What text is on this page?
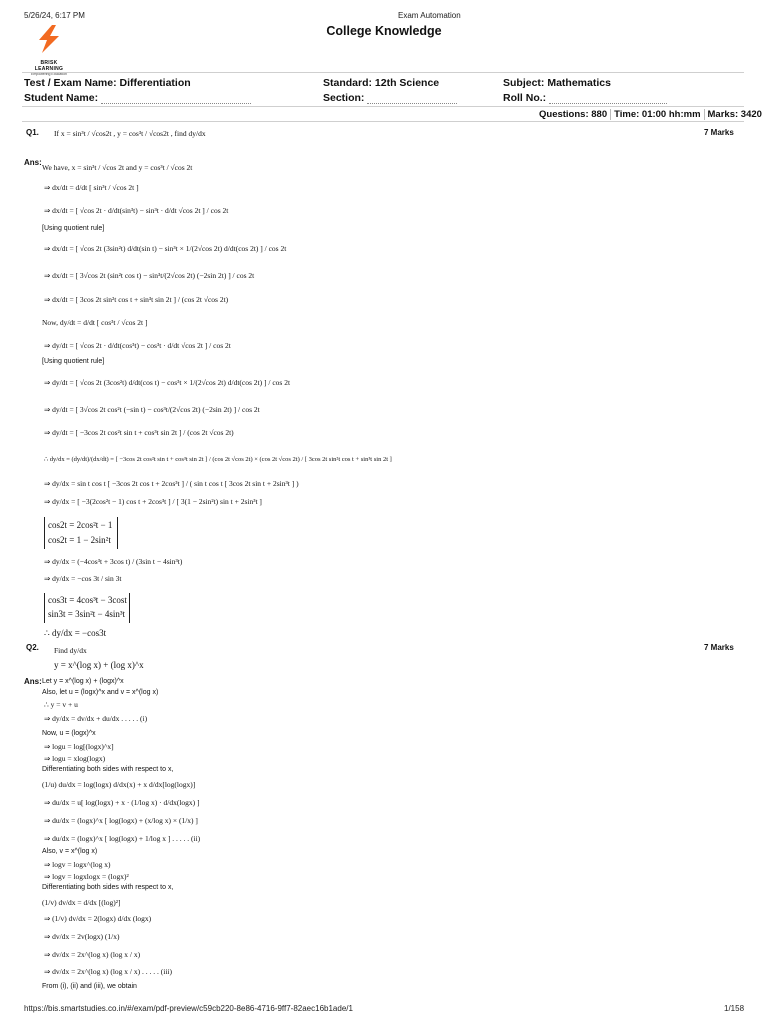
5/26/24, 6:17 PM	Exam Automation
BRISK LEARNING
Empowering Education
College Knowledge
Test / Exam Name: Differentiation	Standard: 12th Science	Subject: Mathematics
Student Name:	Section:	Roll No.:
Questions: 880 Time: 01:00 hh:mm Marks: 3420
Q1.	7 Marks
If x = sin³t / √cos2t , y = cos³t / √cos2t , find dy/dx
Ans:
We have, x = sin³t / √cos 2t and y = cos³t / √cos 2t
⇒ dx/dt = d/dt [ sin³t / √cos 2t ]
⇒ dx/dt = [ √cos 2t · d/dt(sin³t) − sin³t · d/dt √cos 2t ] / cos 2t
[Using quotient rule]
⇒ dx/dt = [ √cos 2t (3sin²t) d/dt(sin t) − sin³t × 1/(2√cos 2t) d/dt(cos 2t) ] / cos 2t
⇒ dx/dt = [ 3√cos 2t (sin²t cos t) − sin³t/(2√cos 2t) (−2sin 2t) ] / cos 2t
⇒ dx/dt = [ 3cos 2t sin²t cos t + sin³t sin 2t ] / (cos 2t √cos 2t)
Now, dy/dt = d/dt [ cos³t / √cos 2t ]
⇒ dy/dt = [ √cos 2t · d/dt(cos³t) − cos³t · d/dt √cos 2t ] / cos 2t
[Using quotient rule]
⇒ dy/dt = [ √cos 2t (3cos²t) d/dt(cos t) − cos³t × 1/(2√cos 2t) d/dt(cos 2t) ] / cos 2t
⇒ dy/dt = [ 3√cos 2t cos²t (−sin t) − cos³t/(2√cos 2t) (−2sin 2t) ] / cos 2t
⇒ dy/dt = [ −3cos 2t cos²t sin t + cos³t sin 2t ] / (cos 2t √cos 2t)
∴ dy/dx = (dy/dt)/(dx/dt) = [ −3cos 2t cos²t sin t + cos³t sin 2t ] / (cos 2t √cos 2t) × (cos 2t √cos 2t) / [ 3cos 2t sin²t cos t + sin³t sin 2t ]
⇒ dy/dx = sin t cos t [ −3cos 2t cos t + 2cos³t ] / ( sin t cos t [ 3cos 2t sin t + 2sin³t ] )
⇒ dy/dx = [ −3(2cos²t − 1) cos t + 2cos³t ] / [ 3(1 − 2sin²t) sin t + 2sin³t ]
cos2t = 2cos²t − 1
cos2t = 1 − 2sin²t
⇒ dy/dx = (−4cos³t + 3cos t) / (3sin t − 4sin³t)
⇒ dy/dx = −cos 3t / sin 3t
cos3t = 4cos³t − 3cost
sin3t = 3sin²t − 4sin³t
∴ dy/dx = −cos3t
Q2.	7 Marks
Find dy/dx
y = x^(log x) + (log x)^x
Ans: Let y = x^(log x) + (logx)^x
Also, let u = (logx)^x and v = x^(log x)
∴ y = v + u
⇒ dy/dx = dv/dx + du/dx . . . . . (i)
Now, u = (logx)^x
⇒ logu = log[(logx)^x]
⇒ logu = xlog(logx)
Differentiating both sides with respect to x,
(1/u) du/dx = log(logx) d/dx(x) + x d/dx[log(logx)]
⇒ du/dx = u[ log(logx) + x · (1/log x) · d/dx(logx) ]
⇒ du/dx = (logx)^x [ log(logx) + (x/log x) × (1/x) ]
⇒ du/dx = (logx)^x [ log(logx) + 1/log x ] . . . . . (ii)
Also, v = x^(log x)
⇒ logv = logx^(log x)
⇒ logv = logxlogx = (logx)²
Differentiating both sides with respect to x,
(1/v) dv/dx = d/dx [(log)²]
⇒ (1/v) dv/dx = 2(logx) d/dx (logx)
⇒ dv/dx = 2v(logx) (1/x)
⇒ dv/dx = 2x^(log x) (log x / x)
⇒ dv/dx = 2x^(log x) (log x / x) . . . . . (iii)
From (i), (ii) and (iii), we obtain
https://bis.smartstudies.co.in/#/exam/pdf-preview/c59cb220-8e86-4716-9ff7-82aec16b1ade/1	1/158
